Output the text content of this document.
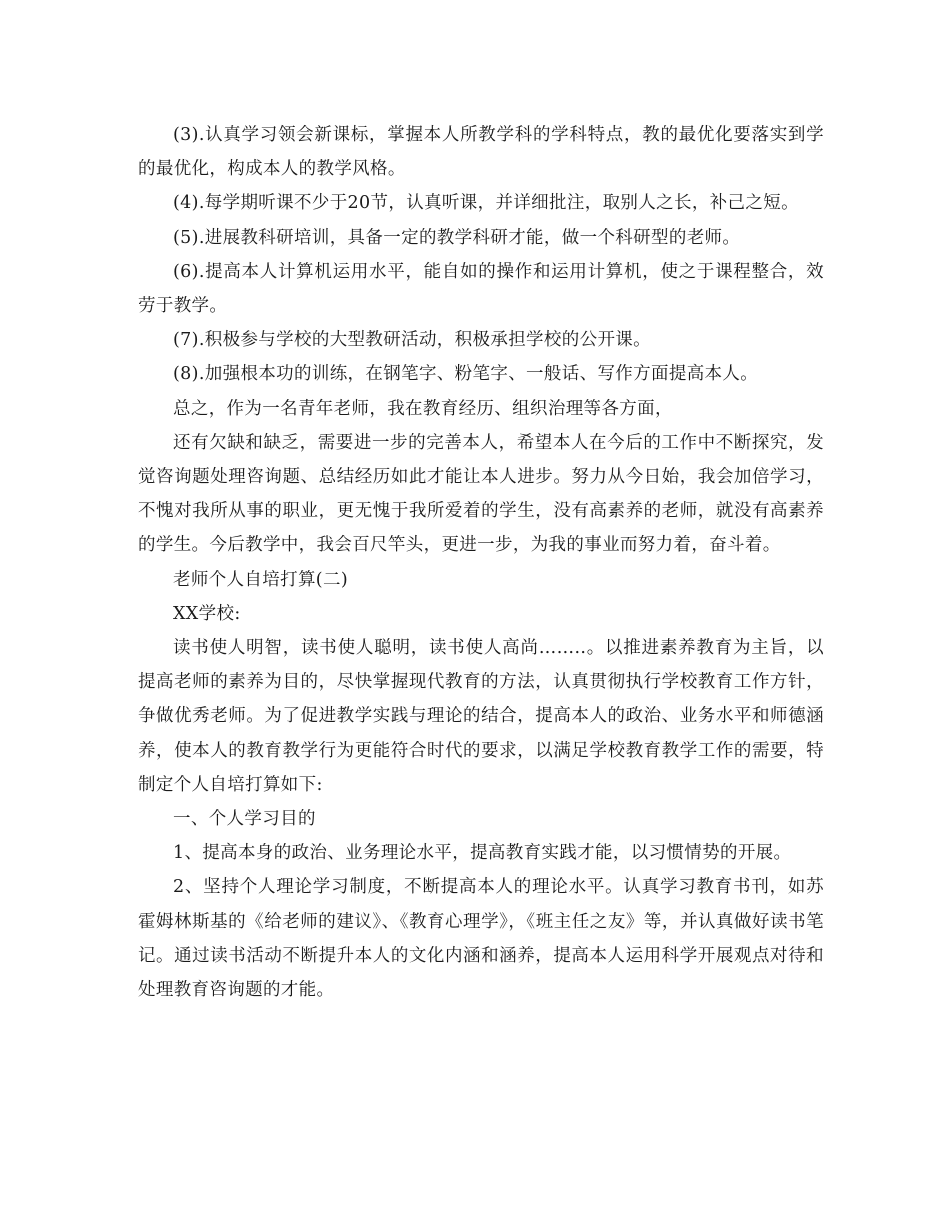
(3).认真学习领会新课标，掌握本人所教学科的学科特点，教的最优化要落实到学的最优化，构成本人的教学风格。

(4).每学期听课不少于20节，认真听课，并详细批注，取别人之长，补己之短。

(5).进展教科研培训，具备一定的教学科研才能，做一个科研型的老师。

(6).提高本人计算机运用水平，能自如的操作和运用计算机，使之于课程整合，效劳于教学。

(7).积极参与学校的大型教研活动，积极承担学校的公开课。

(8).加强根本功的训练，在钢笔字、粉笔字、一般话、写作方面提高本人。

总之，作为一名青年老师，我在教育经历、组织治理等各方面，

还有欠缺和缺乏，需要进一步的完善本人，希望本人在今后的工作中不断探究，发觉咨询题处理咨询题、总结经历如此才能让本人进步。努力从今日始，我会加倍学习，不愧对我所从事的职业，更无愧于我所爱着的学生，没有高素养的老师，就没有高素养的学生。今后教学中，我会百尺竿头，更进一步，为我的事业而努力着，奋斗着。

老师个人自培打算(二)

XX学校:

读书使人明智，读书使人聪明，读书使人高尚……..。以推进素养教育为主旨，以提高老师的素养为目的，尽快掌握现代教育的方法，认真贯彻执行学校教育工作方针，争做优秀老师。为了促进教学实践与理论的结合，提高本人的政治、业务水平和师德涵养，使本人的教育教学行为更能符合时代的要求，以满足学校教育教学工作的需要，特制定个人自培打算如下:

一、个人学习目的

1、提高本身的政治、业务理论水平，提高教育实践才能，以习惯情势的开展。

2、坚持个人理论学习制度，不断提高本人的理论水平。认真学习教育书刊，如苏霍姆林斯基的《给老师的建议》、《教育心理学》，《班主任之友》等，并认真做好读书笔记。通过读书活动不断提升本人的文化内涵和涵养，提高本人运用科学开展观点对待和处理教育咨询题的才能。
